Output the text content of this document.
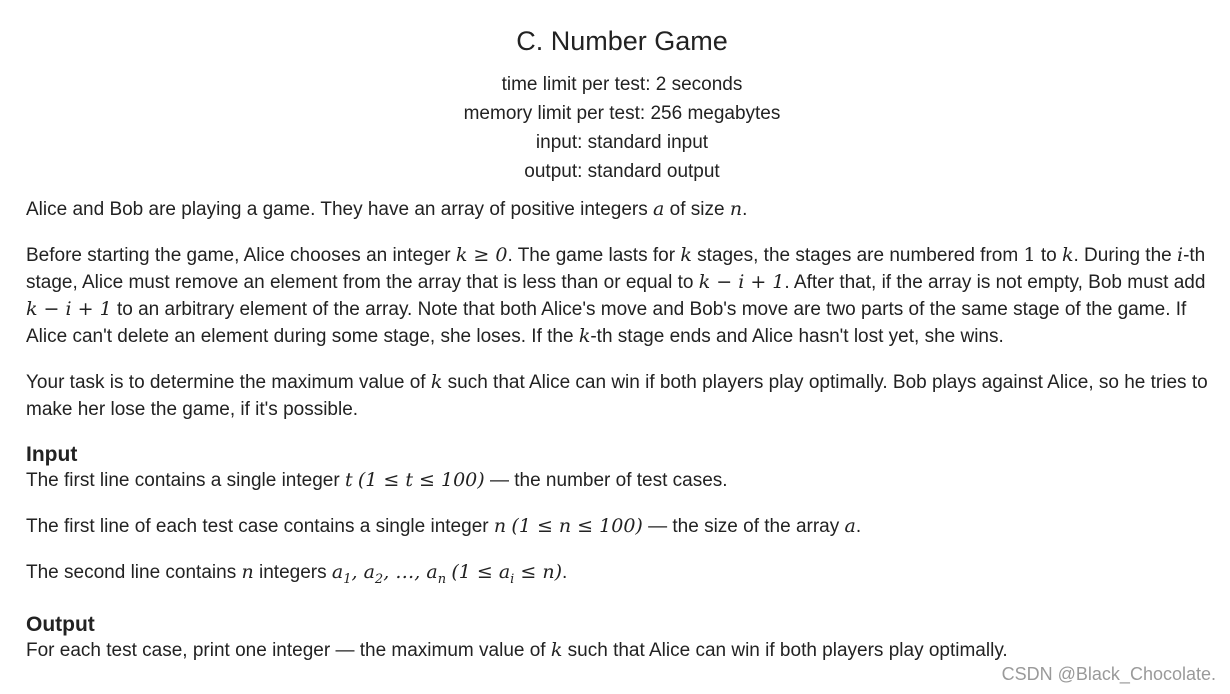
C. Number Game
time limit per test: 2 seconds
memory limit per test: 256 megabytes
input: standard input
output: standard output

Alice and Bob are playing a game. They have an array of positive integers a of size n.

Before starting the game, Alice chooses an integer k ≥ 0. The game lasts for k stages, the stages are numbered from 1 to k. During the i-th stage, Alice must remove an element from the array that is less than or equal to k − i + 1. After that, if the array is not empty, Bob must add k − i + 1 to an arbitrary element of the array. Note that both Alice's move and Bob's move are two parts of the same stage of the game. If Alice can't delete an element during some stage, she loses. If the k-th stage ends and Alice hasn't lost yet, she wins.

Your task is to determine the maximum value of k such that Alice can win if both players play optimally. Bob plays against Alice, so he tries to make her lose the game, if it's possible.

Input

The first line contains a single integer t (1 ≤ t ≤ 100) — the number of test cases.

The first line of each test case contains a single integer n (1 ≤ n ≤ 100) — the size of the array a.

The second line contains n integers $a_1$, $a_2$, …, $a_n$ $(1 \le a_i \le n)$.

Output

For each test case, print one integer — the maximum value of k such that Alice can win if both players play optimally.

CSDN @Black_Chocolate.
